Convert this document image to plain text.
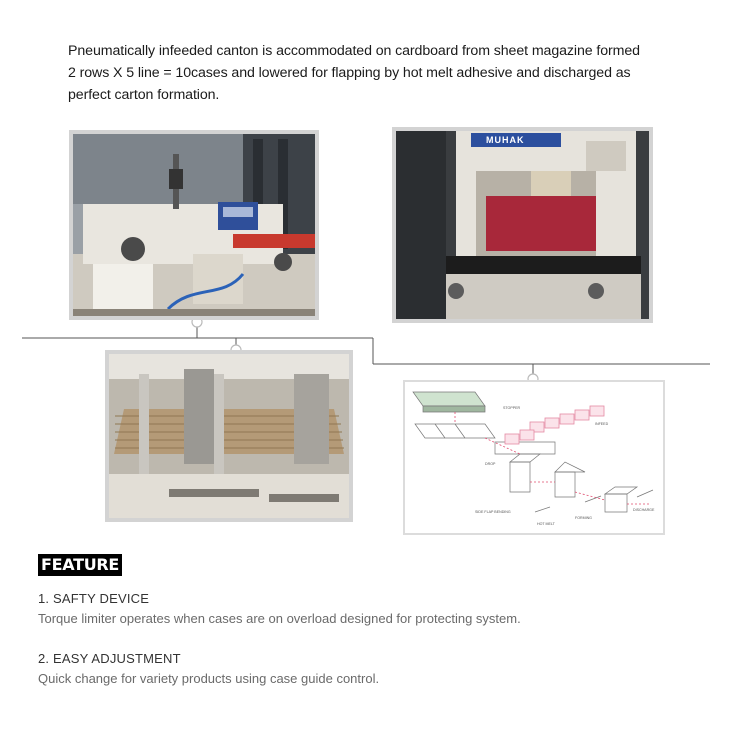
Pneumatically infeeded canton is accommodated on cardboard from sheet magazine formed
2 rows X 5 line = 10cases and lowered for flapping by hot melt adhesive and discharged as
perfect carton formation.
MUHAK
STOPPER
INFEED
DROP
SIDE FLAP BENDING
HOT MELT
FORMING
DISCHARGE
FEATURE
1. SAFTY DEVICE
Torque limiter operates when cases are on overload designed for protecting system.
2. EASY ADJUSTMENT
Quick change for variety products using case guide control.
